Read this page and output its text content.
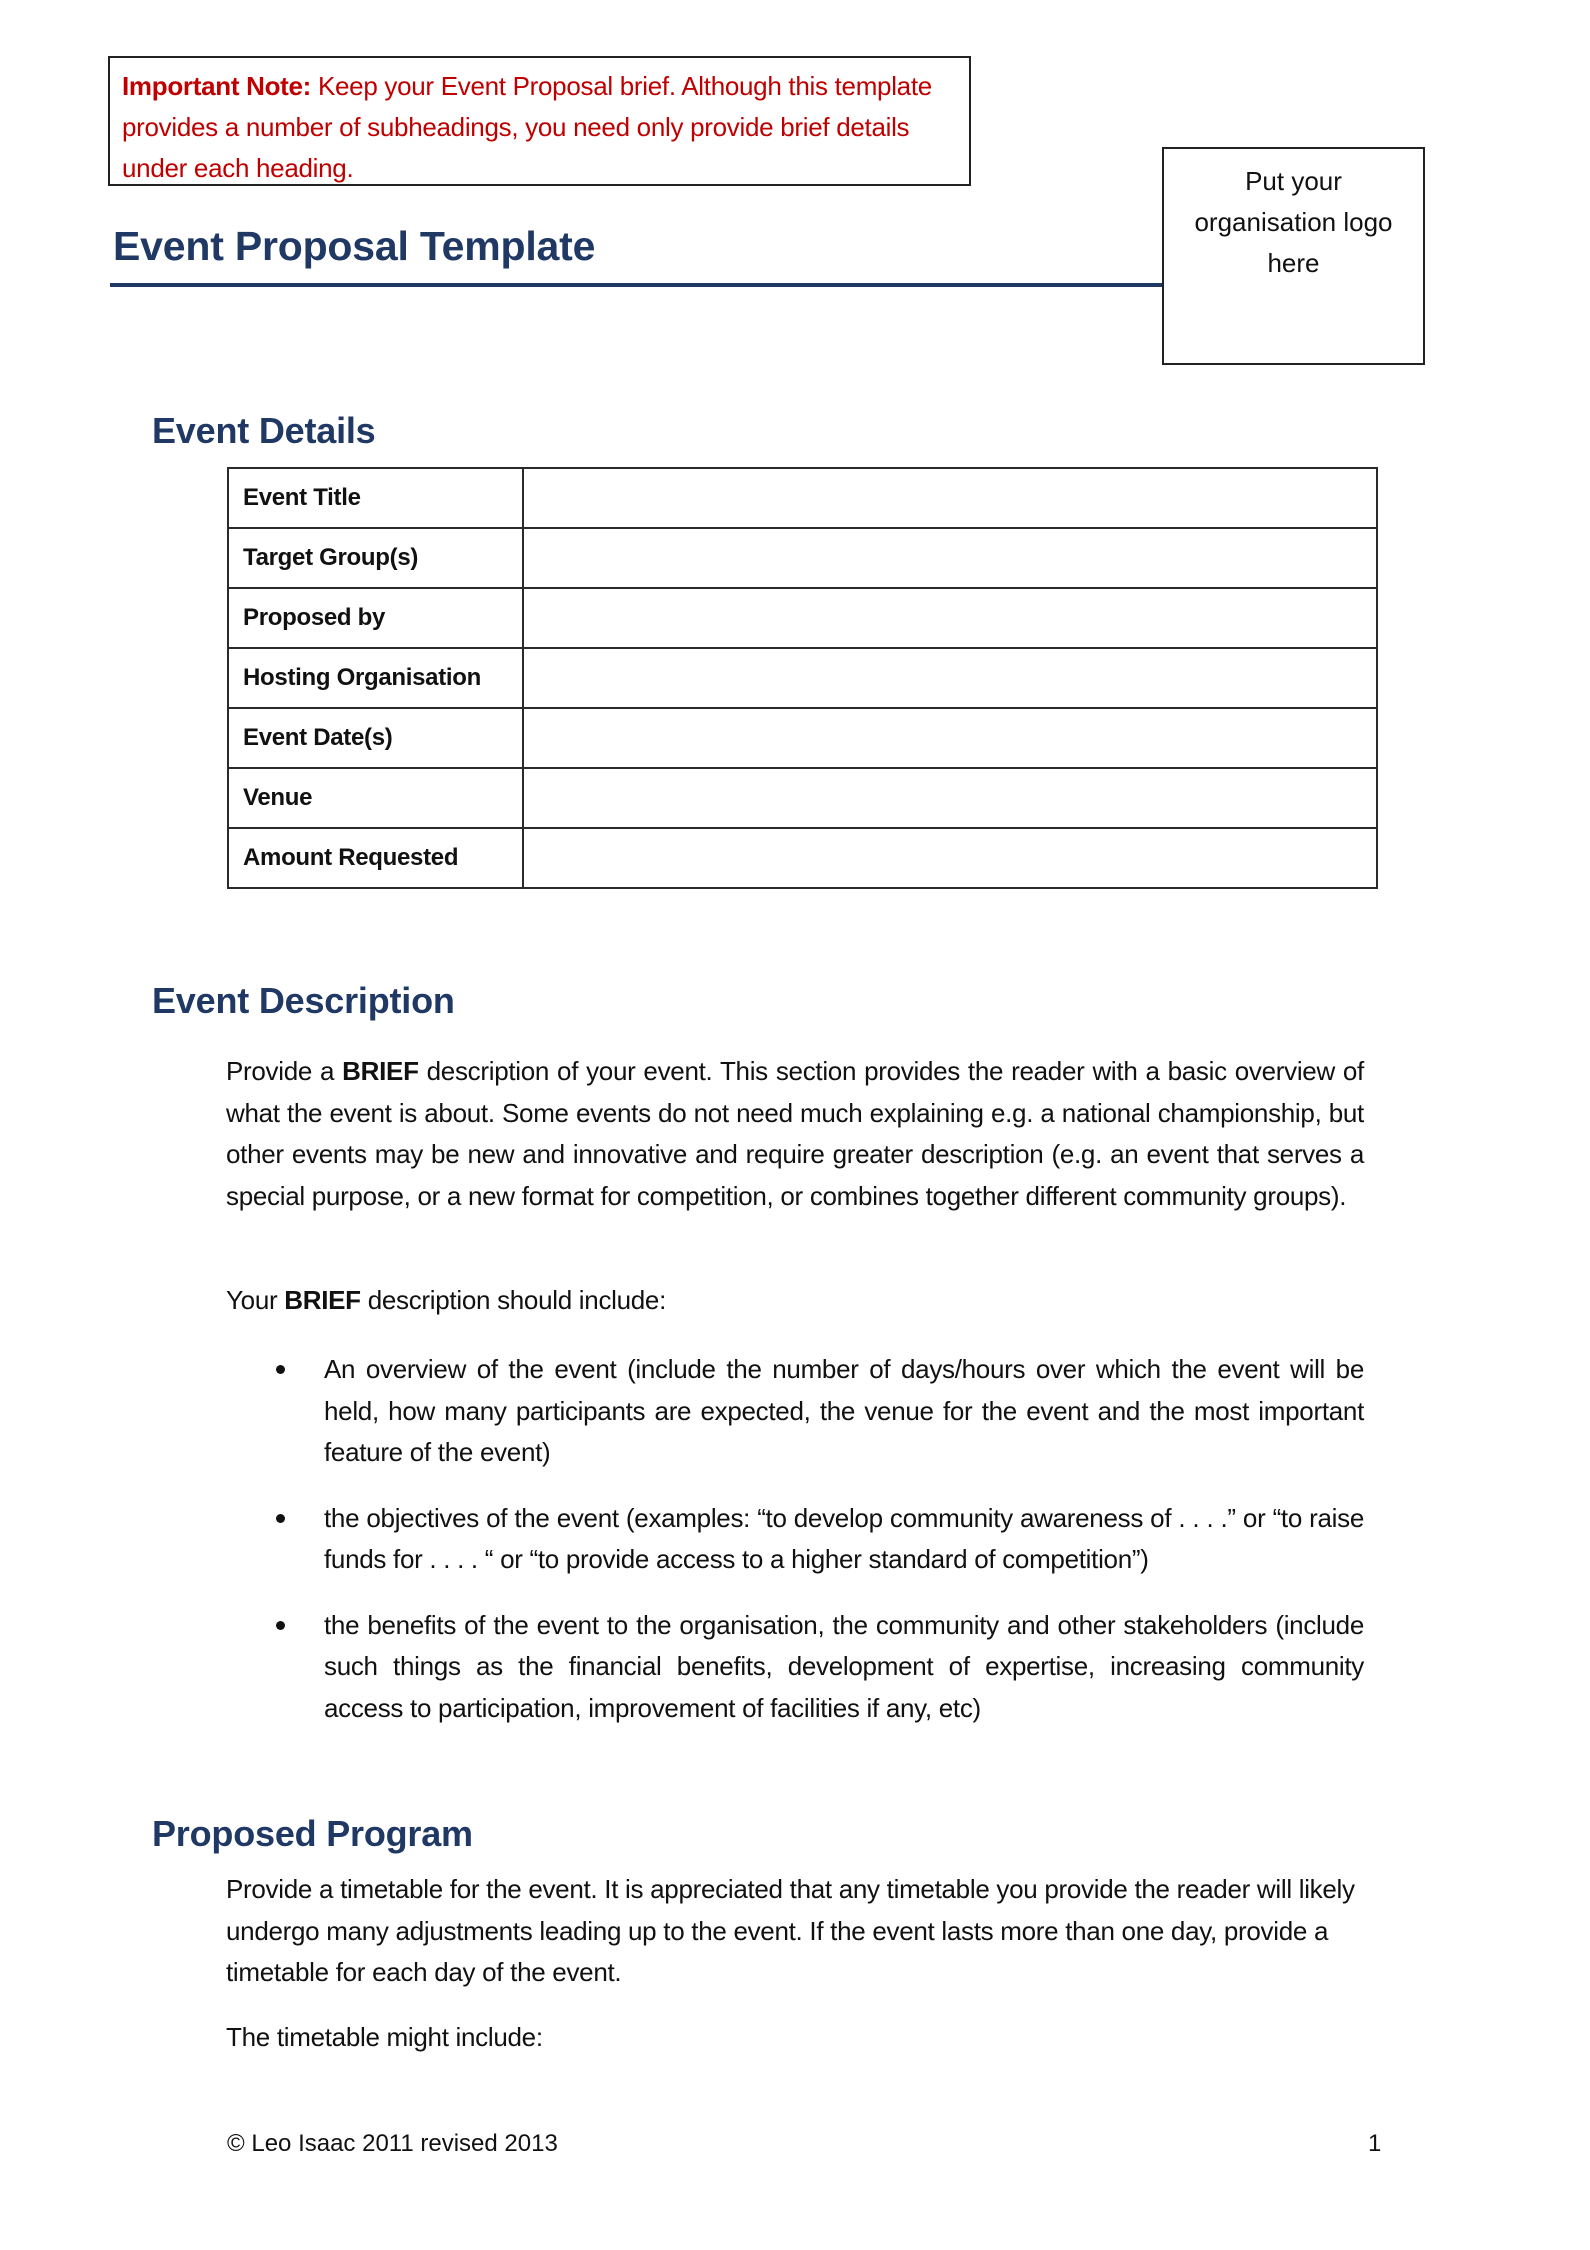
Important Note: Keep your Event Proposal brief. Although this template provides a number of subheadings, you need only provide brief details under each heading.
Event Proposal Template
Put your organisation logo here
Event Details
Event Title	
Target Group(s)	
Proposed by	
Hosting Organisation	
Event Date(s)	
Venue	
Amount Requested	
Event Description
Provide a BRIEF description of your event. This section provides the reader with a basic overview of what the event is about. Some events do not need much explaining e.g. a national championship, but other events may be new and innovative and require greater description (e.g. an event that serves a special purpose, or a new format for competition, or combines together different community groups).
Your BRIEF description should include:
An overview of the event (include the number of days/hours over which the event will be held, how many participants are expected, the venue for the event and the most important feature of the event)
the objectives of the event (examples: “to develop community awareness of . . . .” or “to raise funds for . . . . “ or “to provide access to a higher standard of competition”)
the benefits of the event to the organisation, the community and other stakeholders (include such things as the financial benefits, development of expertise, increasing community access to participation, improvement of facilities if any, etc)
Proposed Program
Provide a timetable for the event. It is appreciated that any timetable you provide the reader will likely undergo many adjustments leading up to the event. If the event lasts more than one day, provide a timetable for each day of the event.
The timetable might include:
© Leo Isaac 2011 revised 2013	1
